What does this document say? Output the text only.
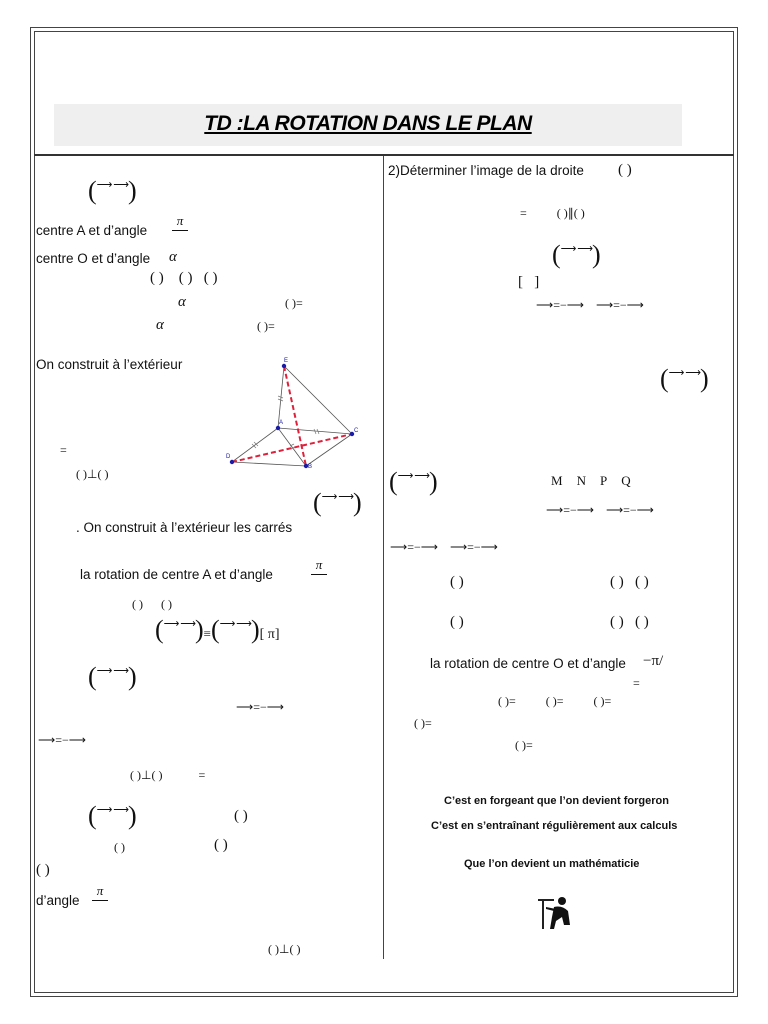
TD :LA ROTATION DANS LE PLAN
(⟶ ⟶)
centre A et d’angle
π
centre O et d’angle α
( )    ( )   ( )
α	( )=
α	( )=
On construit à l’extérieur	E
A
C
D
B
=
( )⊥( )
(⟶ ⟶)
. On construit à l’extérieur les carrés
la rotation de centre A et d’angle
π
( )      ( )
(⟶ ⟶)≡(⟶ ⟶)[ π]
(⟶ ⟶)
⟶=−⟶
⟶=−⟶
( )⊥( )            =
(⟶ ⟶)	( )
( )	( )
( )
d’angle
π
( )⊥( )
2)Déterminer l’image de la droite ( )
=          ( )∥( )
(⟶ ⟶)
[   ]
⟶=−⟶    ⟶=−⟶
(⟶ ⟶)
(⟶ ⟶)	M N P Q
⟶=−⟶    ⟶=−⟶
⟶=−⟶    ⟶=−⟶
( )	( )   ( )
( )	( )   ( )
la rotation de centre O et d’angle −π/
=
( )=          ( )=          ( )=
( )=
( )=
C’est en forgeant que l’on devient forgeron
C’est en s’entraînant régulièrement aux calculs
Que l’on devient un mathématicie
